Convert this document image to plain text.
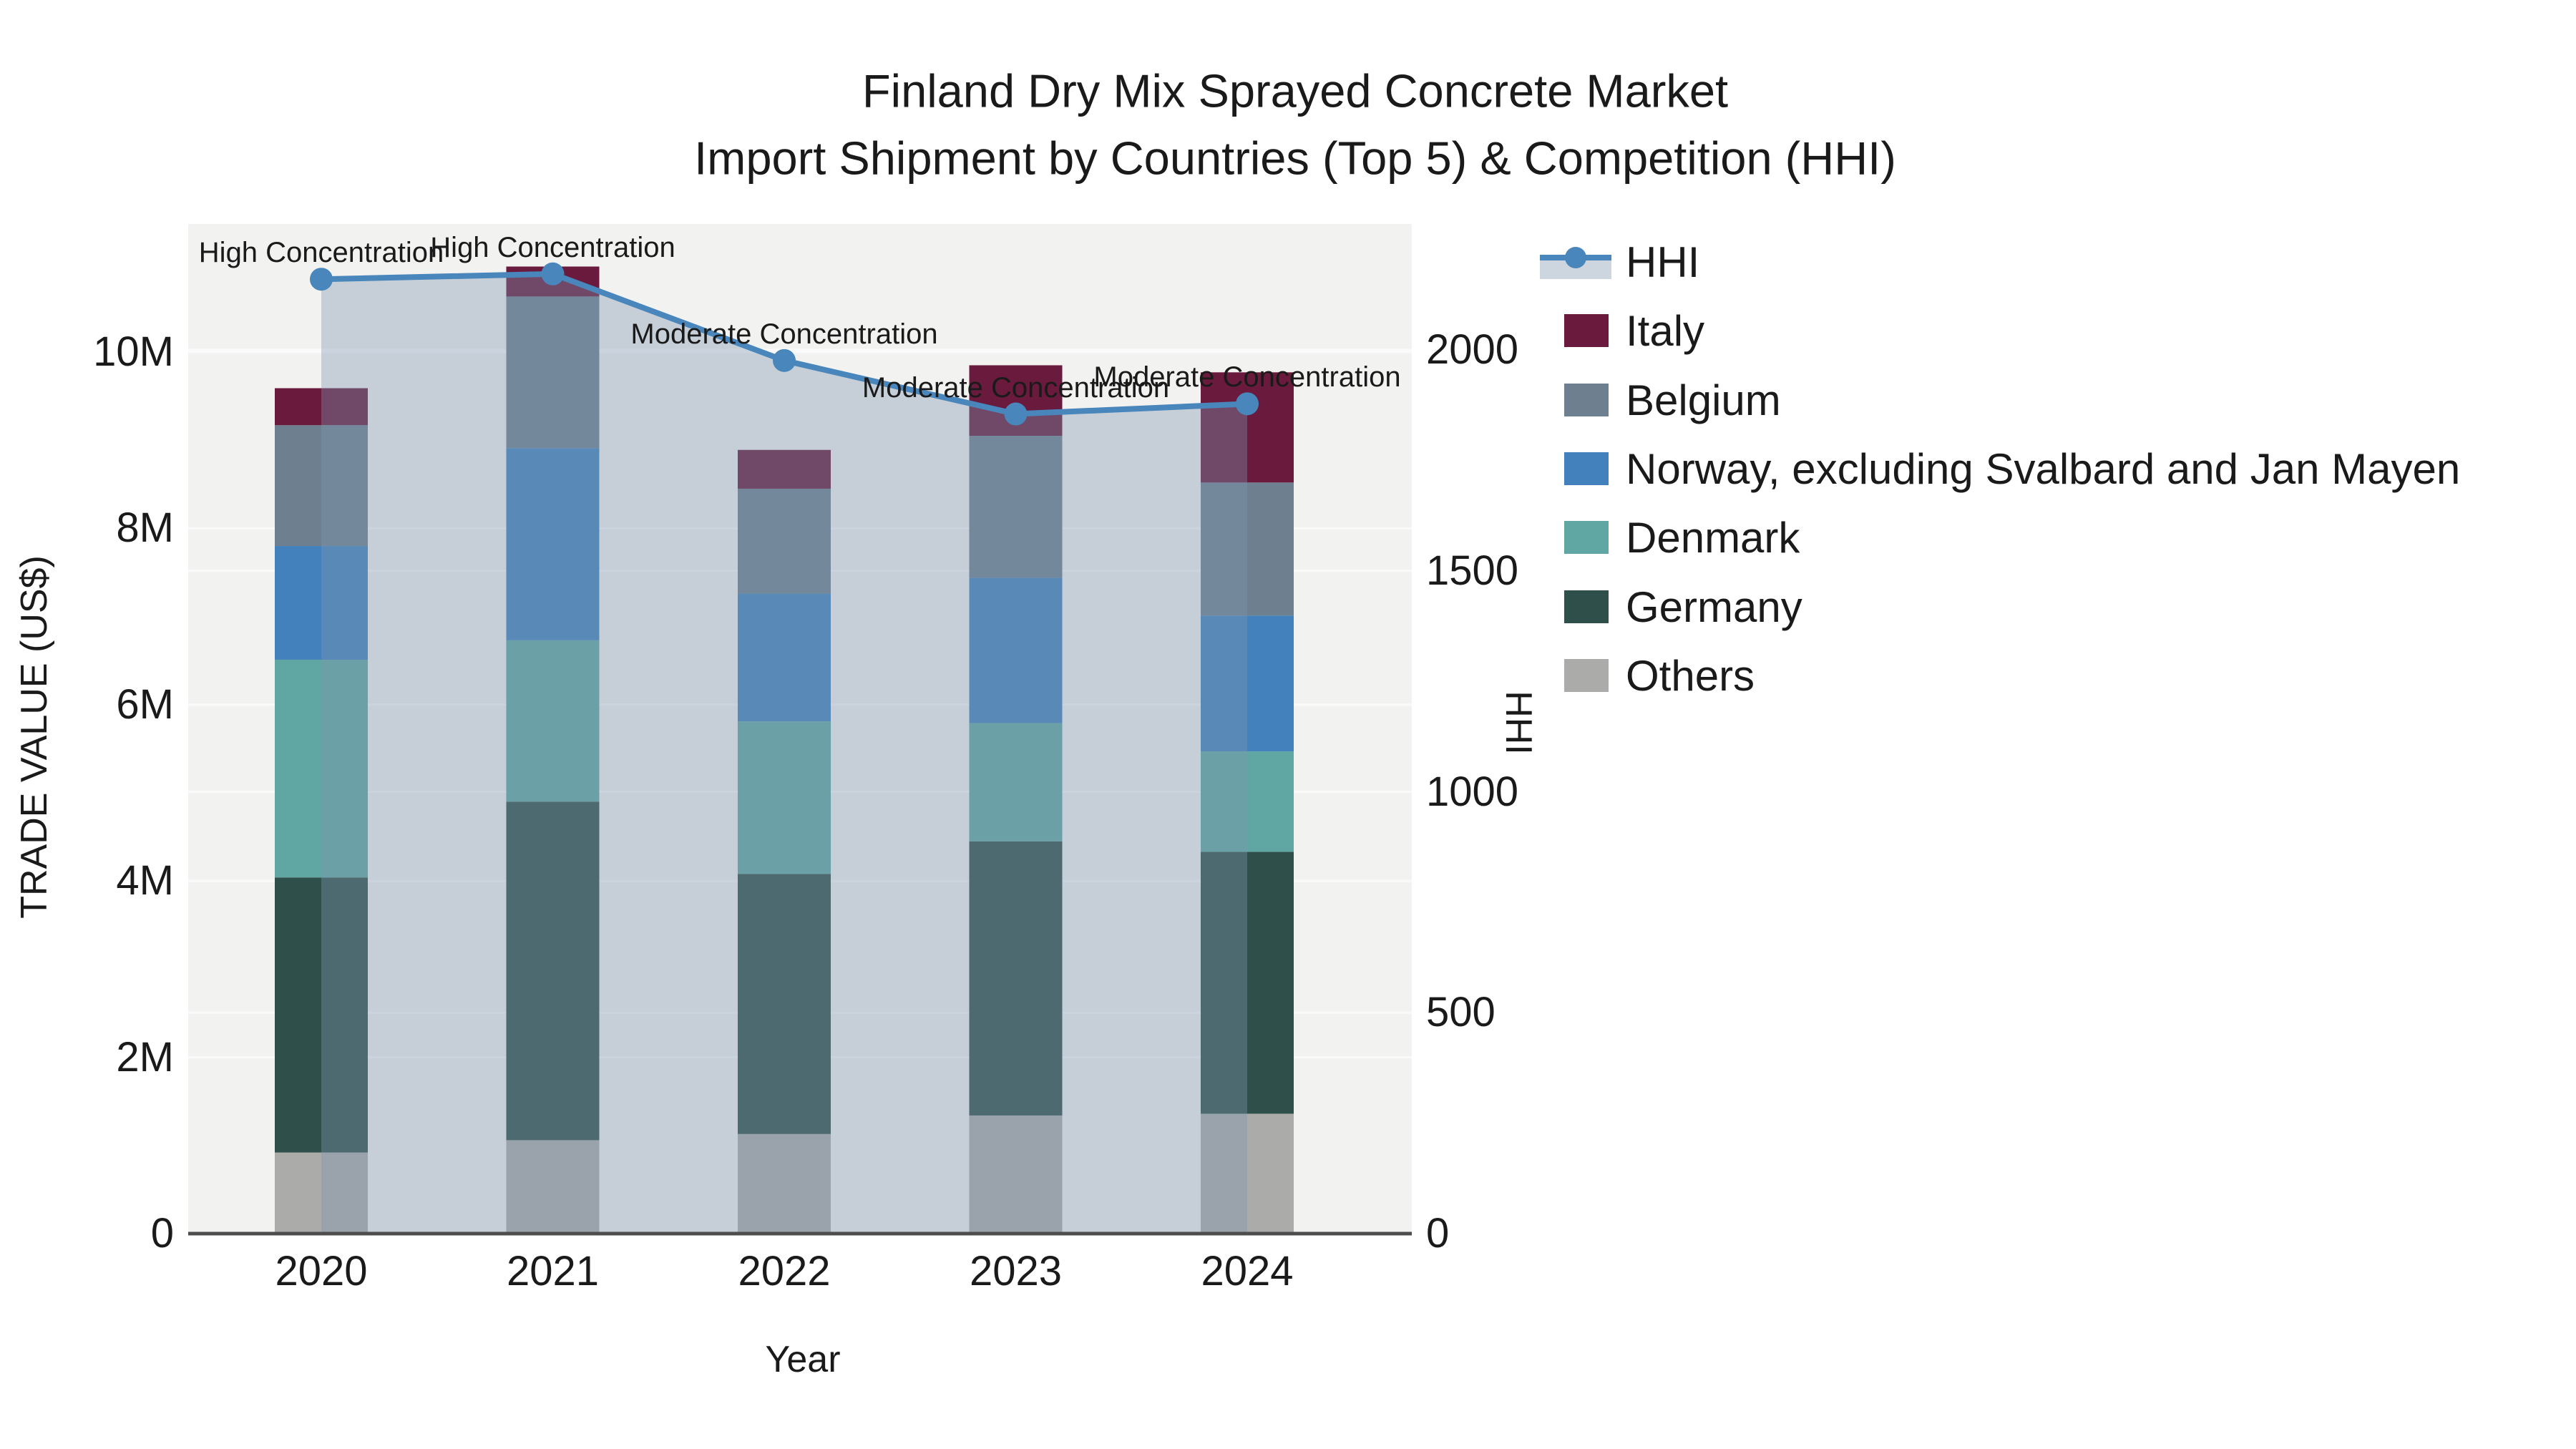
Finland Dry Mix Sprayed Concrete Market
Import Shipment by Countries (Top 5) & Competition (HHI)
TRADE VALUE (US$)	HHI
Year
0
2M
4M
6M
8M
10M
0
500
1000
1500
2000
2020	2021	2022	2023	2024
High Concentration
High Concentration
Moderate Concentration
Moderate Concentration
Moderate Concentration
HHI
Italy
Belgium
Norway, excluding Svalbard and Jan Mayen
Denmark
Germany
Others
